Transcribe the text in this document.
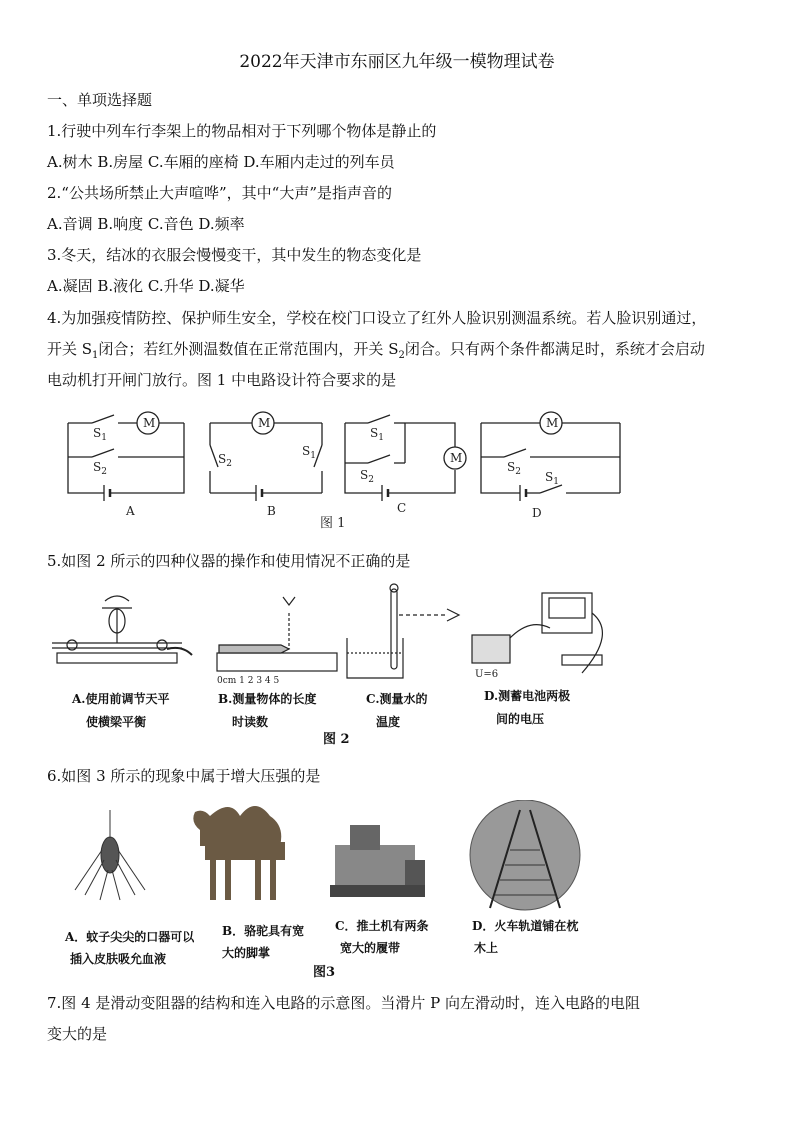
2022年天津市东丽区九年级一模物理试卷
一、单项选择题
1.行驶中列车行李架上的物品相对于下列哪个物体是静止的
A.树木 B.房屋 C.车厢的座椅 D.车厢内走过的列车员
2.“公共场所禁止大声喧哗”，其中“大声”是指声音的
A.音调 B.响度 C.音色 D.频率
3.冬天，结冰的衣服会慢慢变干，其中发生的物态变化是
A.凝固 B.液化 C.升华 D.凝华
4.为加强疫情防控、保护师生安全，学校在校门口设立了红外人脸识别测温系统。若人脸识别通过，
开关 $S_1$闭合；若红外测温数值在正常范围内，开关 $S_2$闭合。只有两个条件都满足时，系统才会启动
电动机打开闸门放行。图 1 中电路设计符合要求的是
M	M
M
M
$S_1$
$S_2$
$S_2$
$S_1$
$S_1$
$S_2$
$S_2$ $S_1$
A	B	C	D
图 1
5.如图 2 所示的四种仪器的操作和使用情况不正确的是
0cm 1 2 3 4 5
U=6
A.使用前调节天平
使横梁平衡
B.测量物体的长度
时读数
C.测量水的
温度
D.测蓄电池两极
间的电压
图 2
6.如图 3 所示的现象中属于增大压强的是
A．蚊子尖尖的口器可以
插入皮肤吸允血液
B．骆驼具有宽
大的脚掌
C．推土机有两条
宽大的履带
D．火车轨道铺在枕
木上
图3
7.图 4 是滑动变阻器的结构和连入电路的示意图。当滑片 P 向左滑动时，连入电路的电阻
变大的是
